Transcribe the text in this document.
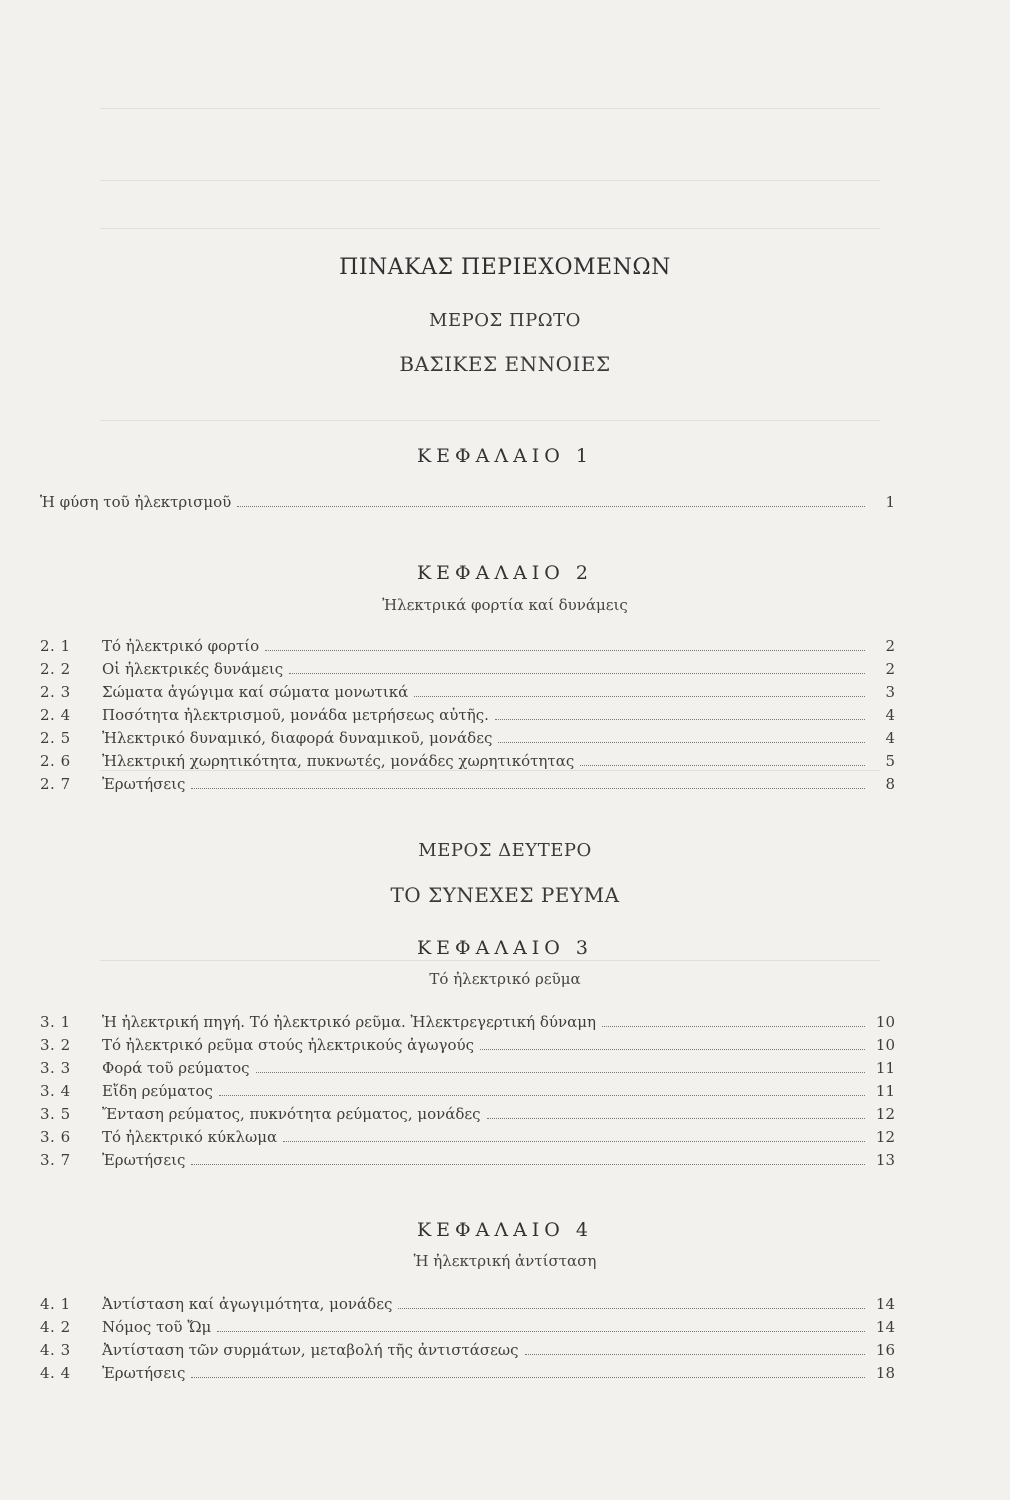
ΠΙΝΑΚΑΣ ΠΕΡΙΕΧΟΜΕΝΩΝ
ΜΕΡΟΣ ΠΡΩΤΟ
ΒΑΣΙΚΕΣ ΕΝΝΟΙΕΣ
ΚΕΦΑΛΑΙΟ 1
Ἡ φύση τοῦ ἠλεκτρισμοῦ	1
ΚΕΦΑΛΑΙΟ 2
Ἠλεκτρικά φορτία καί δυνάμεις
2. 1	Τό ἠλεκτρικό φορτίο	2
2. 2	Οἱ ἠλεκτρικές δυνάμεις	2
2. 3	Σώματα ἀγώγιμα καί σώματα μονωτικά	3
2. 4	Ποσότητα ἠλεκτρισμοῦ, μονάδα μετρήσεως αὐτῆς.	4
2. 5	Ἠλεκτρικό δυναμικό, διαφορά δυναμικοῦ, μονάδες	4
2. 6	Ἠλεκτρική χωρητικότητα, πυκνωτές, μονάδες χωρητικότητας	5
2. 7	Ἐρωτήσεις	8
ΜΕΡΟΣ ΔΕΥΤΕΡΟ
ΤΟ ΣΥΝΕΧΕΣ ΡΕΥΜΑ
ΚΕΦΑΛΑΙΟ 3
Τό ἠλεκτρικό ρεῦμα
3. 1	Ἡ ἠλεκτρική πηγή. Τό ἠλεκτρικό ρεῦμα. Ἠλεκτρεγερτική δύναμη	10
3. 2	Τό ἠλεκτρικό ρεῦμα στούς ἠλεκτρικούς ἀγωγούς	10
3. 3	Φορά τοῦ ρεύματος	11
3. 4	Εἴδη ρεύματος	11
3. 5	Ἔνταση ρεύματος, πυκνότητα ρεύματος, μονάδες	12
3. 6	Τό ἠλεκτρικό κύκλωμα	12
3. 7	Ἐρωτήσεις	13
ΚΕΦΑΛΑΙΟ 4
Ἡ ἠλεκτρική ἀντίσταση
4. 1	Ἀντίσταση καί ἀγωγιμότητα, μονάδες	14
4. 2	Νόμος τοῦ Ὤμ	14
4. 3	Ἀντίσταση τῶν συρμάτων, μεταβολή τῆς ἀντιστάσεως	16
4. 4	Ἐρωτήσεις	18
